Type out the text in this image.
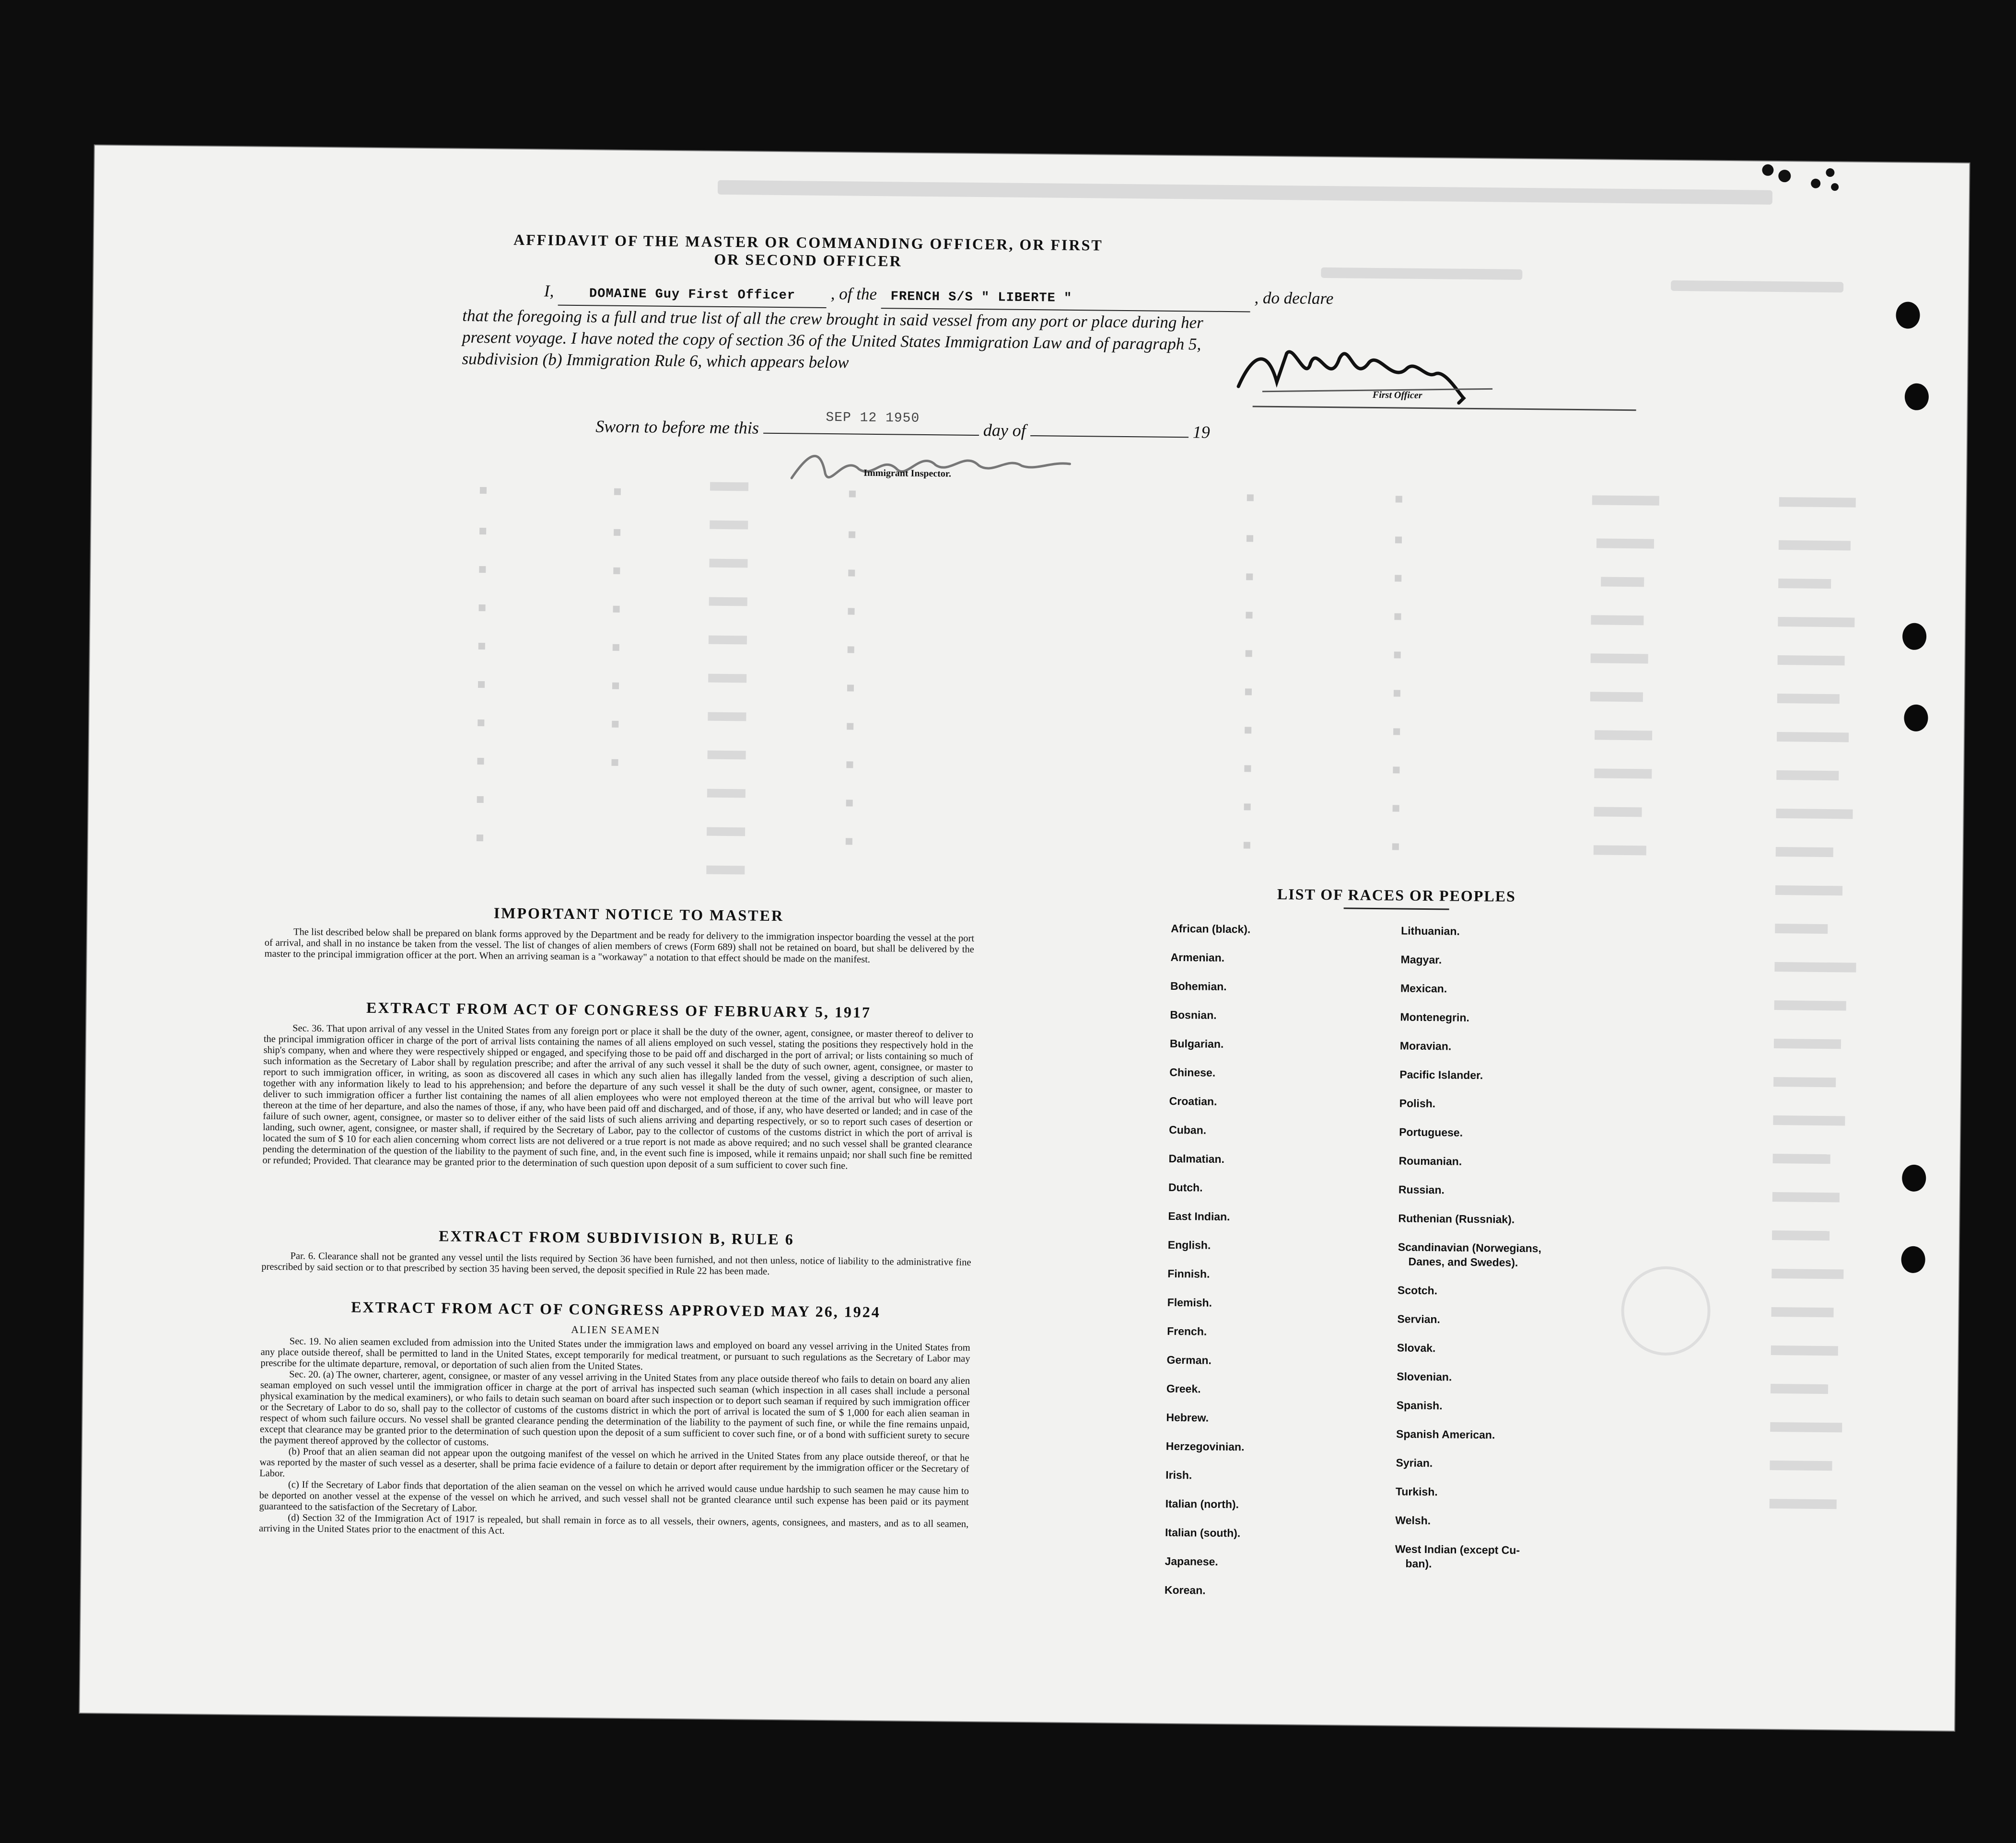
AFFIDAVIT OF THE MASTER OR COMMANDING OFFICER, OR FIRST OR SECOND OFFICER
I,	DOMAINE Guy First Officer , of the FRENCH S/S " LIBERTE "	, do declare
that the foregoing is a full and true list of all the crew brought in said vessel from any port or place during her
present voyage. I have noted the copy of section 36 of the United States Immigration Law and of paragraph 5,
subdivision (b) Immigration Rule 6, which appears below
First Officer
Sworn to before me this	day of	19
SEP 12 1950
Immigrant Inspector.
IMPORTANT NOTICE TO MASTER

The list described below shall be prepared on blank forms approved by the Department and be ready for delivery to the immigration inspector boarding the vessel at the port of arrival, and shall in no instance be taken from the vessel. The list of changes of alien members of crews (Form 689) shall not be retained on board, but shall be delivered by the master to the principal immigration officer at the port. When an arriving seaman is a "workaway" a notation to that effect should be made on the manifest.

EXTRACT FROM ACT OF CONGRESS OF FEBRUARY 5, 1917

Sec. 36. That upon arrival of any vessel in the United States from any foreign port or place it shall be the duty of the owner, agent, consignee, or master thereof to deliver to the principal immigration officer in charge of the port of arrival lists containing the names of all aliens employed on such vessel, stating the positions they respectively hold in the ship's company, when and where they were respectively shipped or engaged, and specifying those to be paid off and discharged in the port of arrival; or lists containing so much of such information as the Secretary of Labor shall by regulation prescribe; and after the arrival of any such vessel it shall be the duty of such owner, agent, consignee, or master to report to such immigration officer, in writing, as soon as discovered all cases in which any such alien has illegally landed from the vessel, giving a description of such alien, together with any information likely to lead to his apprehension; and before the departure of any such vessel it shall be the duty of such owner, agent, consignee, or master to deliver to such immigration officer a further list containing the names of all alien employees who were not employed thereon at the time of the arrival but who will leave port thereon at the time of her departure, and also the names of those, if any, who have been paid off and discharged, and of those, if any, who have deserted or landed; and in case of the failure of such owner, agent, consignee, or master so to deliver either of the said lists of such aliens arriving and departing respectively, or so to report such cases of desertion or landing, such owner, agent, consignee, or master shall, if required by the Secretary of Labor, pay to the collector of customs of the customs district in which the port of arrival is located the sum of $ 10 for each alien concerning whom correct lists are not delivered or a true report is not made as above required; and no such vessel shall be granted clearance pending the determination of the question of the liability to the payment of such fine, and, in the event such fine is imposed, while it remains unpaid; nor shall such fine be remitted or refunded; Provided. That clearance may be granted prior to the determination of such question upon deposit of a sum sufficient to cover such fine.

EXTRACT FROM SUBDIVISION B, RULE 6

Par. 6. Clearance shall not be granted any vessel until the lists required by Section 36 have been furnished, and not then unless, notice of liability to the administrative fine prescribed by said section or to that prescribed by section 35 having been served, the deposit specified in Rule 22 has been made.

EXTRACT FROM ACT OF CONGRESS APPROVED MAY 26, 1924
ALIEN SEAMEN

Sec. 19. No alien seamen excluded from admission into the United States under the immigration laws and employed on board any vessel arriving in the United States from any place outside thereof, shall be permitted to land in the United States, except temporarily for medical treatment, or pursuant to such regulations as the Secretary of Labor may prescribe for the ultimate departure, removal, or deportation of such alien from the United States.

Sec. 20. (a) The owner, charterer, agent, consignee, or master of any vessel arriving in the United States from any place outside thereof who fails to detain on board any alien seaman employed on such vessel until the immigration officer in charge at the port of arrival has inspected such seaman (which inspection in all cases shall include a personal physical examination by the medical examiners), or who fails to detain such seaman on board after such inspection or to deport such seaman if required by such immigration officer or the Secretary of Labor to do so, shall pay to the collector of customs of the customs district in which the port of arrival is located the sum of $ 1,000 for each alien seaman in respect of whom such failure occurs. No vessel shall be granted clearance pending the determination of the liability to the payment of such fine, or while the fine remains unpaid, except that clearance may be granted prior to the determination of such question upon the deposit of a sum sufficient to cover such fine, or of a bond with sufficient surety to secure the payment thereof approved by the collector of customs.

(b) Proof that an alien seaman did not appear upon the outgoing manifest of the vessel on which he arrived in the United States from any place outside thereof, or that he was reported by the master of such vessel as a deserter, shall be prima facie evidence of a failure to detain or deport after requirement by the immigration officer or the Secretary of Labor.

(c) If the Secretary of Labor finds that deportation of the alien seaman on the vessel on which he arrived would cause undue hardship to such seamen he may cause him to be deported on another vessel at the expense of the vessel on which he arrived, and such vessel shall not be granted clearance until such expense has been paid or its payment guaranteed to the satisfaction of the Secretary of Labor.

(d) Section 32 of the Immigration Act of 1917 is repealed, but shall remain in force as to all vessels, their owners, agents, consignees, and masters, and as to all seamen, arriving in the United States prior to the enactment of this Act.

LIST OF RACES OR PEOPLES
African (black).
Armenian.
Bohemian.
Bosnian.
Bulgarian.
Chinese.
Croatian.
Cuban.
Dalmatian.
Dutch.
East Indian.
English.
Finnish.
Flemish.
French.
German.
Greek.
Hebrew.
Herzegovinian.
Irish.
Italian (north).
Italian (south).
Japanese.
Korean.
Lithuanian.
Magyar.
Mexican.
Montenegrin.
Moravian.
Pacific Islander.
Polish.
Portuguese.
Roumanian.
Russian.
Ruthenian (Russniak).
Scandinavian (Norwegians,
Danes, and Swedes).
Scotch.
Servian.
Slovak.
Slovenian.
Spanish.
Spanish American.
Syrian.
Turkish.
Welsh.
West Indian (except Cu-
ban).
